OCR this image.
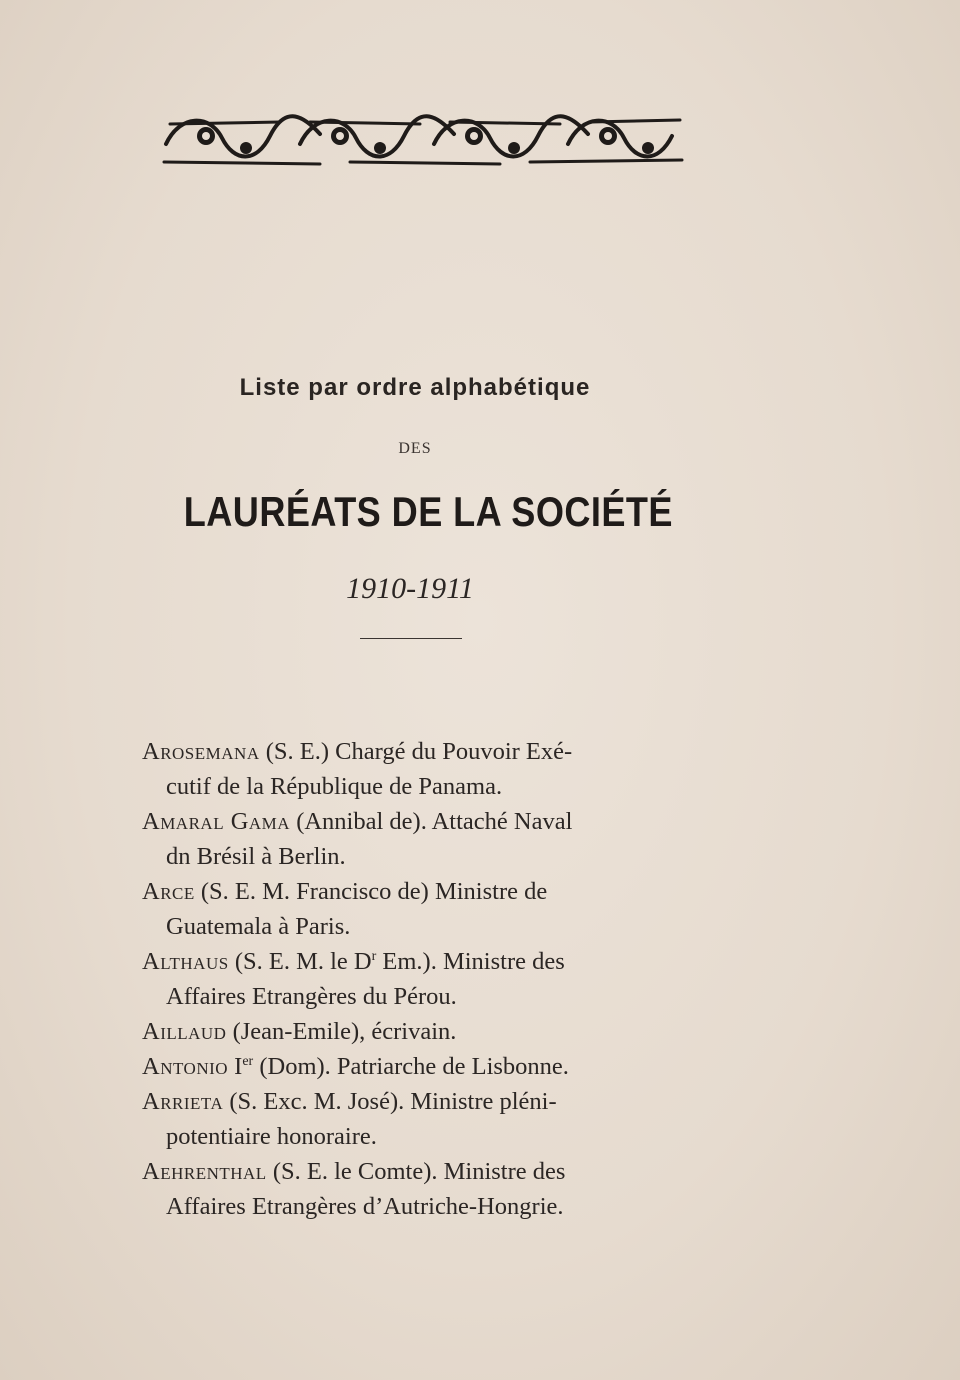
Liste par ordre alphabétique
DES
LAURÉATS DE LA SOCIÉTÉ
1910-1911
Arosemana (S. E.) Chargé du Pouvoir Exé-
cutif de la République de Panama.
Amaral Gama (Annibal de). Attaché Naval
dn Brésil à Berlin.
Arce (S. E. M. Francisco de) Ministre de
Guatemala à Paris.
Althaus (S. E. M. le $D^r$ Em.). Ministre des
Affaires Etrangères du Pérou.
Aillaud (Jean-Emile), écrivain.
Antonio Ier (Dom). Patriarche de Lisbonne.
Arrieta (S. Exc. M. José). Ministre pléni-
potentiaire honoraire.
Aehrenthal (S. E. le Comte). Ministre des
Affaires Etrangères d’Autriche-Hongrie.
